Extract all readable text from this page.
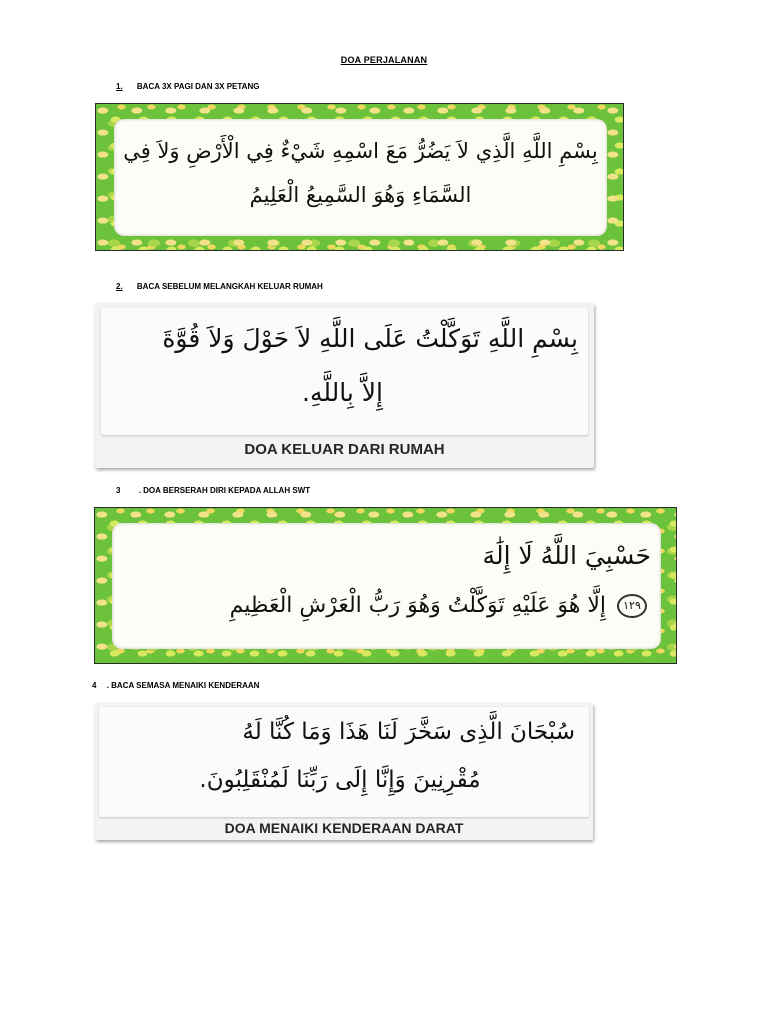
DOA PERJALANAN
1. BACA 3X PAGI DAN 3X PETANG
بِسْمِ اللَّهِ الَّذِي لاَ يَضُرُّ مَعَ اسْمِهِ شَيْءٌ فِي الْأَرْضِ وَلاَ فِي
السَّمَاءِ وَهُوَ السَّمِيعُ الْعَلِيمُ
2. BACA SEBELUM MELANGKAH KELUAR RUMAH
بِسْمِ اللَّهِ تَوَكَّلْتُ عَلَى اللَّهِ لاَ حَوْلَ وَلاَ قُوَّةَ
إِلاَّ بِاللَّهِ.
DOA KELUAR DARI RUMAH
3 . DOA BERSERAH DIRI KEPADA ALLAH SWT
حَسْبِيَ اللَّهُ لَا إِلَٰهَ
١٢٩ إِلَّا هُوَ عَلَيْهِ تَوَكَّلْتُ وَهُوَ رَبُّ الْعَرْشِ الْعَظِيمِ
4 . BACA SEMASA MENAIKI KENDERAAN
سُبْحَانَ الَّذِى سَخَّرَ لَنَا هَذَا وَمَا كُنَّا لَهُ
مُقْرِنِينَ وَإِنَّا إِلَى رَبِّنَا لَمُنْقَلِبُونَ.
DOA MENAIKI KENDERAAN DARAT
